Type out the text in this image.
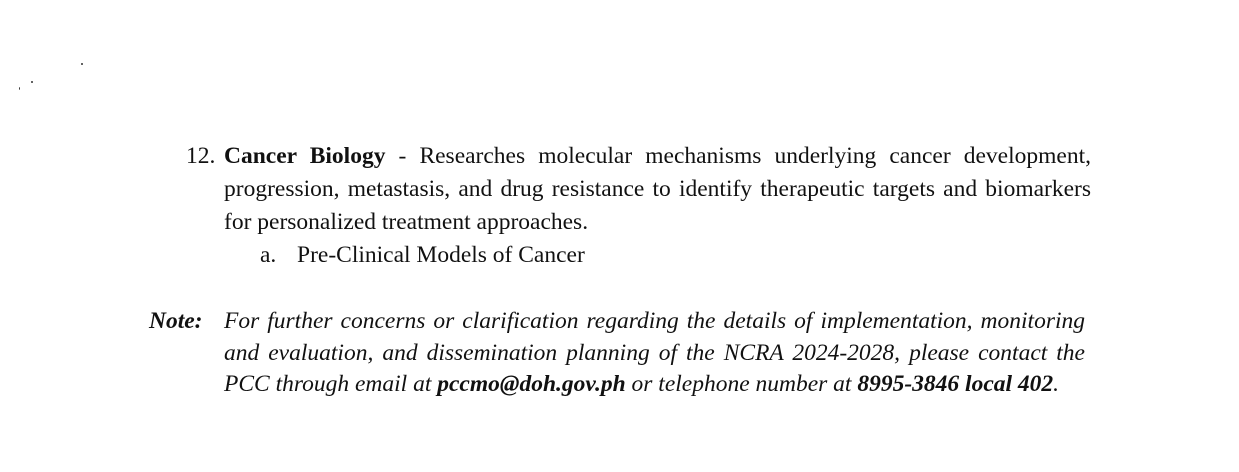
12. Cancer Biology - Researches molecular mechanisms underlying cancer development, progression, metastasis, and drug resistance to identify therapeutic targets and biomarkers for personalized treatment approaches.
a. Pre-Clinical Models of Cancer
Note: For further concerns or clarification regarding the details of implementation, monitoring and evaluation, and dissemination planning of the NCRA 2024-2028, please contact the PCC through email at pccmo@doh.gov.ph or telephone number at 8995-3846 local 402.
